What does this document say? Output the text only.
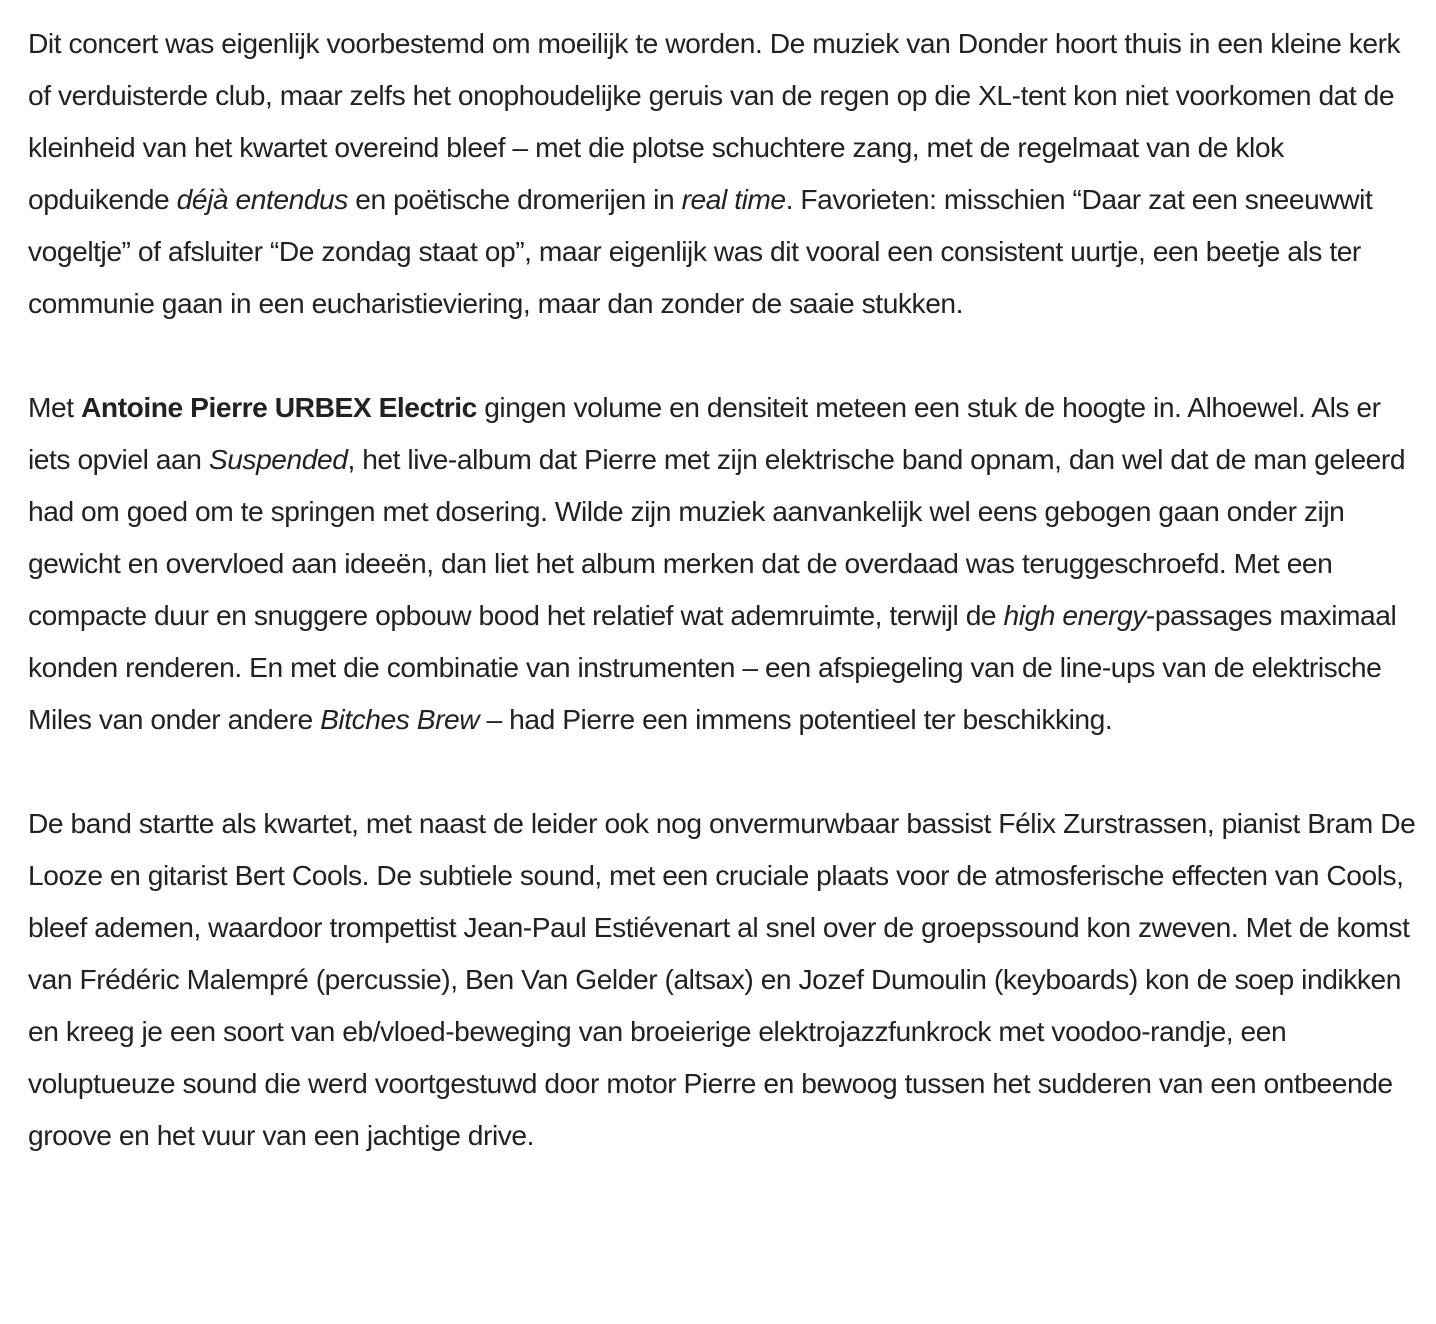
Dit concert was eigenlijk voorbestemd om moeilijk te worden. De muziek van Donder hoort thuis in een kleine kerk of verduisterde club, maar zelfs het onophoudelijke geruis van de regen op die XL-tent kon niet voorkomen dat de kleinheid van het kwartet overeind bleef – met die plotse schuchtere zang, met de regelmaat van de klok opduikende déjà entendus en poëtische dromerijen in real time. Favorieten: misschien “Daar zat een sneeuwwit vogeltje” of afsluiter “De zondag staat op”, maar eigenlijk was dit vooral een consistent uurtje, een beetje als ter communie gaan in een eucharistieviering, maar dan zonder de saaie stukken.

Met Antoine Pierre URBEX Electric gingen volume en densiteit meteen een stuk de hoogte in. Alhoewel. Als er iets opviel aan Suspended, het live-album dat Pierre met zijn elektrische band opnam, dan wel dat de man geleerd had om goed om te springen met dosering. Wilde zijn muziek aanvankelijk wel eens gebogen gaan onder zijn gewicht en overvloed aan ideeën, dan liet het album merken dat de overdaad was teruggeschroefd. Met een compacte duur en snuggere opbouw bood het relatief wat ademruimte, terwijl de high energy-passages maximaal konden renderen. En met die combinatie van instrumenten – een afspiegeling van de line-ups van de elektrische Miles van onder andere Bitches Brew – had Pierre een immens potentieel ter beschikking.

De band startte als kwartet, met naast de leider ook nog onvermurwbaar bassist Félix Zurstrassen, pianist Bram De Looze en gitarist Bert Cools. De subtiele sound, met een cruciale plaats voor de atmosferische effecten van Cools, bleef ademen, waardoor trompettist Jean-Paul Estiévenart al snel over de groepssound kon zweven. Met de komst van Frédéric Malempré (percussie), Ben Van Gelder (altsax) en Jozef Dumoulin (keyboards) kon de soep indikken en kreeg je een soort van eb/vloed-beweging van broeierige elektrojazzfunkrock met voodoo-randje, een voluptueuze sound die werd voortgestuwd door motor Pierre en bewoog tussen het sudderen van een ontbeende groove en het vuur van een jachtige drive.
